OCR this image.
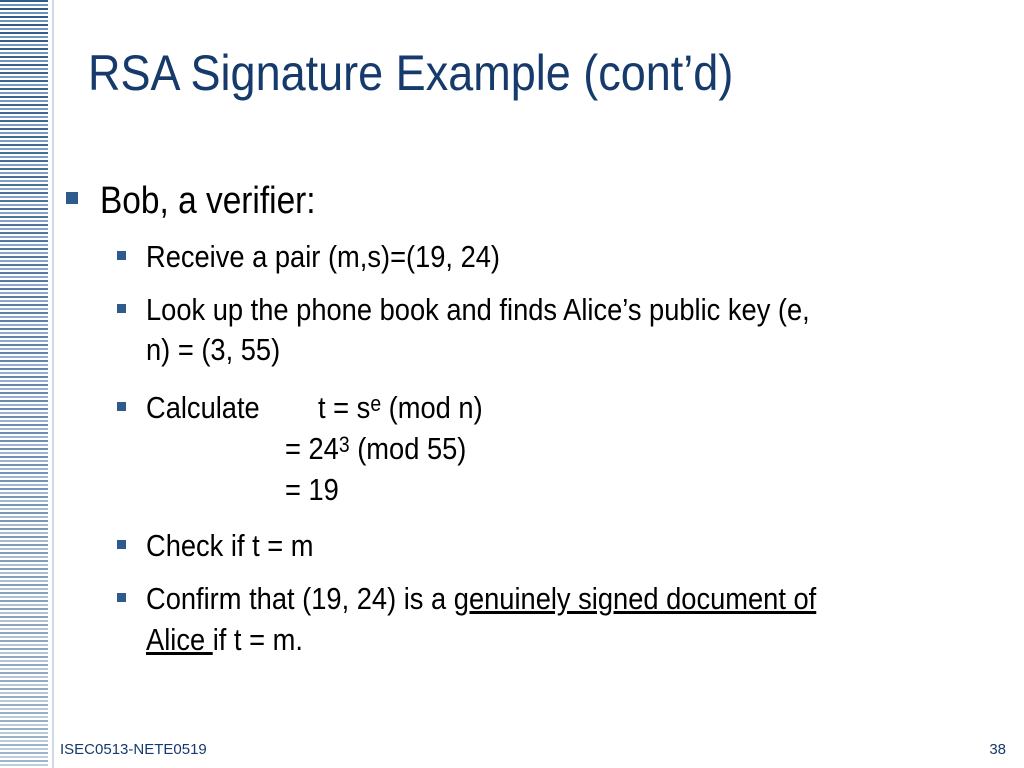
RSA Signature Example (cont’d)
Bob, a verifier:
Receive a pair (m,s)=(19, 24)
Look up the phone book and finds Alice’s public key (e,
n) = (3, 55)
Calculate $t = s^e$ (mod n)
= $24^3$ (mod 55)
= 19
Check if t = m
Confirm that (19, 24) is a genuinely signed document of
Alice if t = m.
ISEC0513-NETE0519	38
